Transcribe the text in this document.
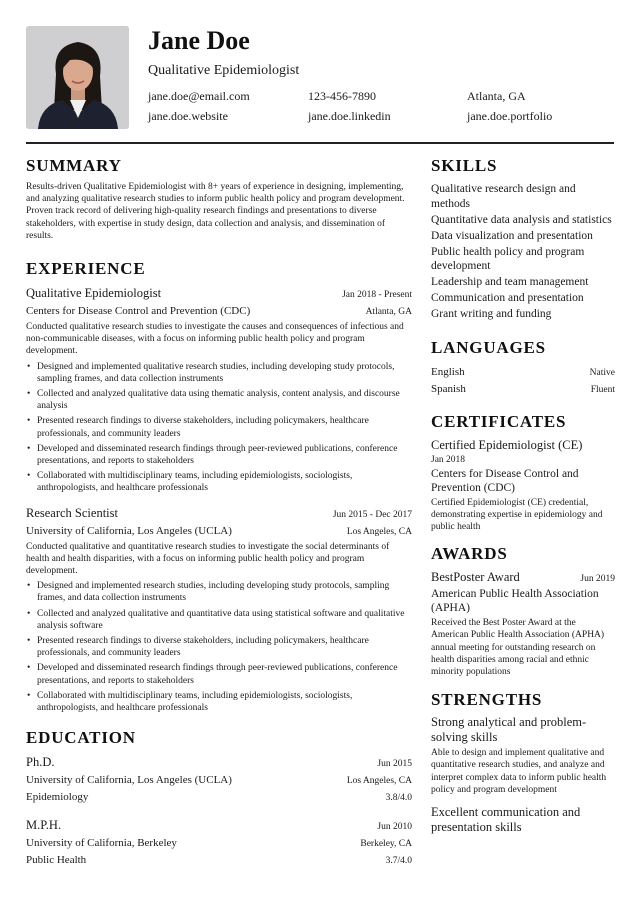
Jane Doe
Qualitative Epidemiologist
jane.doe@email.com	123-456-7890	Atlanta, GA
jane.doe.website	jane.doe.linkedin	jane.doe.portfolio
SUMMARY

Results-driven Qualitative Epidemiologist with 8+ years of experience in designing, implementing, and analyzing qualitative research studies to inform public health policy and program development. Proven track record of delivering high-quality research findings and presentations to diverse stakeholders, with expertise in study design, data collection and analysis, and dissemination of results.

EXPERIENCE
Qualitative Epidemiologist	Jan 2018 - Present
Centers for Disease Control and Prevention (CDC)	Atlanta, GA

Conducted qualitative research studies to investigate the causes and consequences of infectious and non-communicable diseases, with a focus on informing public health policy and program development.

• Designed and implemented qualitative research studies, including developing study protocols, sampling frames, and data collection instruments
• Collected and analyzed qualitative data using thematic analysis, content analysis, and discourse analysis
• Presented research findings to diverse stakeholders, including policymakers, healthcare professionals, and community leaders
• Developed and disseminated research findings through peer-reviewed publications, conference presentations, and reports to stakeholders
• Collaborated with multidisciplinary teams, including epidemiologists, sociologists, anthropologists, and healthcare professionals
Research Scientist	Jun 2015 - Dec 2017
University of California, Los Angeles (UCLA)	Los Angeles, CA

Conducted qualitative and quantitative research studies to investigate the social determinants of health and health disparities, with a focus on informing public health policy and program development.

• Designed and implemented research studies, including developing study protocols, sampling frames, and data collection instruments
• Collected and analyzed qualitative and quantitative data using statistical software and qualitative analysis software
• Presented research findings to diverse stakeholders, including policymakers, healthcare professionals, and community leaders
• Developed and disseminated research findings through peer-reviewed publications, conference presentations, and reports to stakeholders
• Collaborated with multidisciplinary teams, including epidemiologists, sociologists, anthropologists, and healthcare professionals
EDUCATION
Ph.D.	Jun 2015
University of California, Los Angeles (UCLA)	Los Angeles, CA
Epidemiology	3.8/4.0
M.P.H.	Jun 2010
University of California, Berkeley	Berkeley, CA
Public Health	3.7/4.0
SKILLS
Qualitative research design and methods
Quantitative data analysis and statistics
Data visualization and presentation
Public health policy and program development
Leadership and team management
Communication and presentation
Grant writing and funding
LANGUAGES
English	Native
Spanish	Fluent
CERTIFICATES
Certified Epidemiologist (CE)
Jan 2018
Centers for Disease Control and Prevention (CDC)

Certified Epidemiologist (CE) credential, demonstrating expertise in epidemiology and public health

AWARDS
BestPoster Award	Jun 2019
American Public Health Association (APHA)

Received the Best Poster Award at the American Public Health Association (APHA) annual meeting for outstanding research on health disparities among racial and ethnic minority populations

STRENGTHS
Strong analytical and problem-solving skills

Able to design and implement qualitative and quantitative research studies, and analyze and interpret complex data to inform public health policy and program development

Excellent communication and presentation skills
